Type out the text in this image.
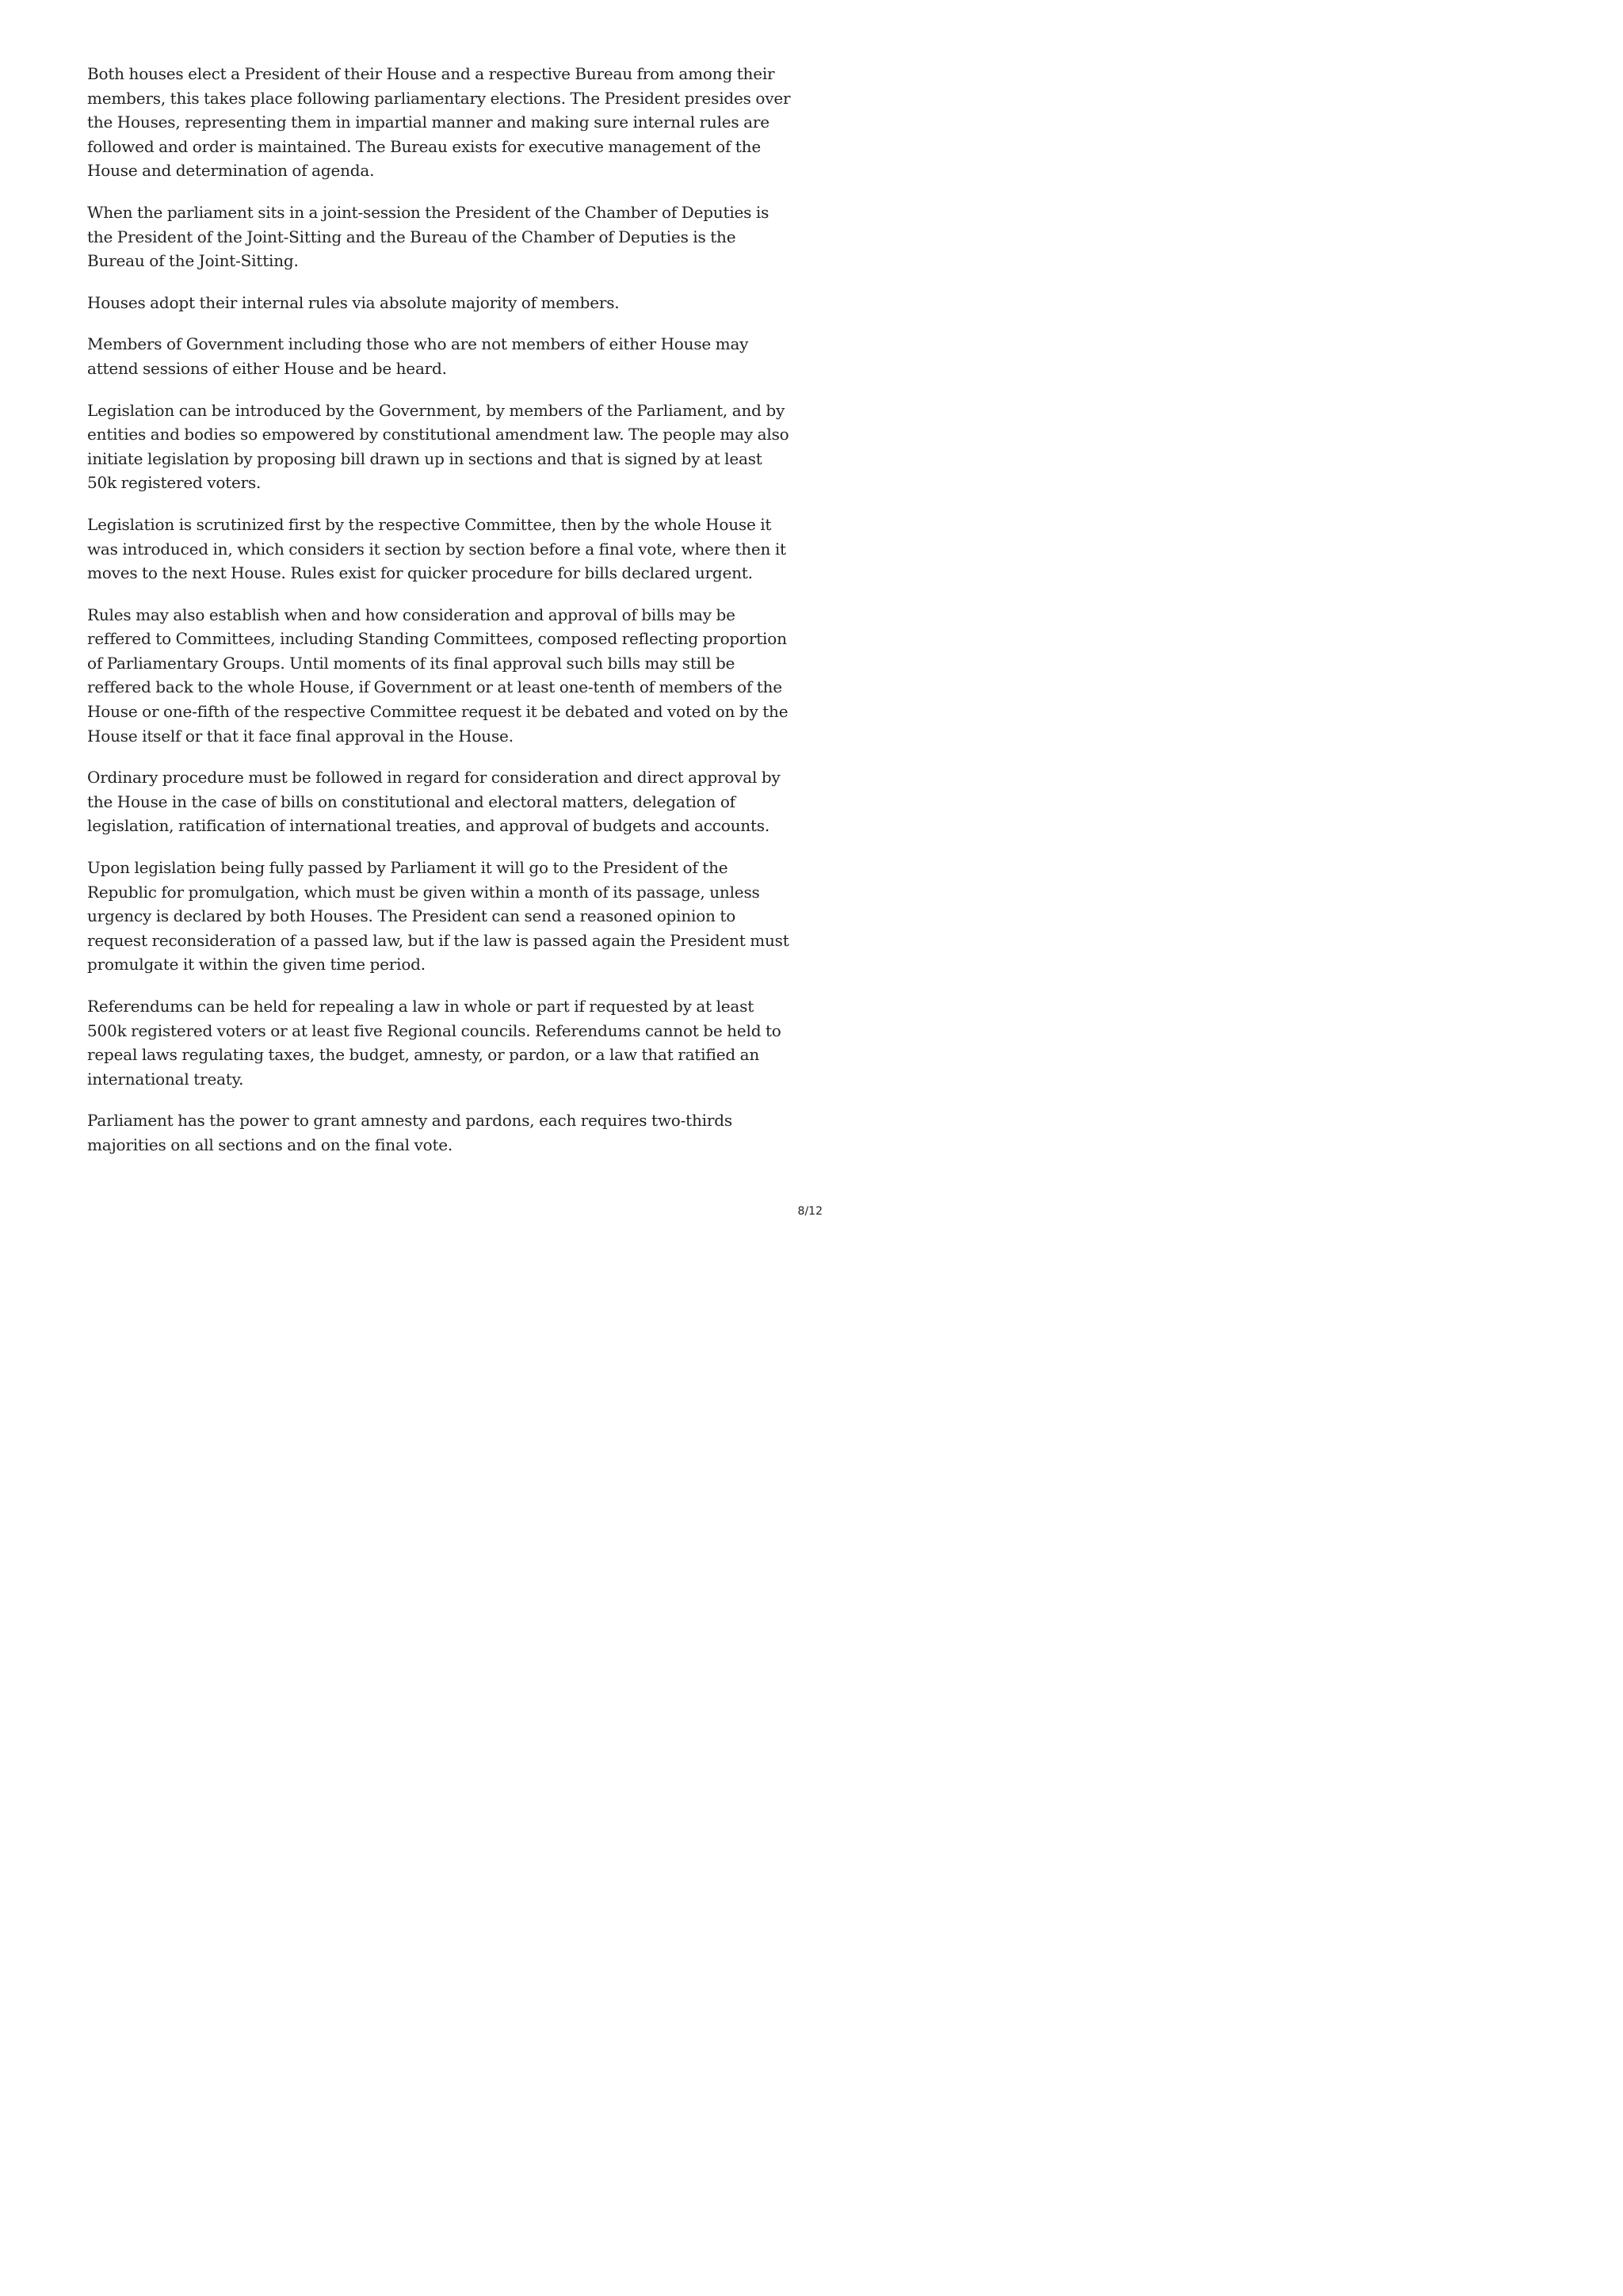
Both houses elect a President of their House and a respective Bureau from among their members, this takes place following parliamentary elections. The President presides over the Houses, representing them in impartial manner and making sure internal rules are followed and order is maintained. The Bureau exists for executive management of the House and determination of agenda.

When the parliament sits in a joint-session the President of the Chamber of Deputies is the President of the Joint-Sitting and the Bureau of the Chamber of Deputies is the Bureau of the Joint-Sitting.

Houses adopt their internal rules via absolute majority of members.

Members of Government including those who are not members of either House may attend sessions of either House and be heard.

Legislation can be introduced by the Government, by members of the Parliament, and by entities and bodies so empowered by constitutional amendment law. The people may also initiate legislation by proposing bill drawn up in sections and that is signed by at least 50k registered voters.

Legislation is scrutinized first by the respective Committee, then by the whole House it was introduced in, which considers it section by section before a final vote, where then it moves to the next House. Rules exist for quicker procedure for bills declared urgent.

Rules may also establish when and how consideration and approval of bills may be reffered to Committees, including Standing Committees, composed reflecting proportion of Parliamentary Groups. Until moments of its final approval such bills may still be reffered back to the whole House, if Government or at least one-tenth of members of the House or one-fifth of the respective Committee request it be debated and voted on by the House itself or that it face final approval in the House.

Ordinary procedure must be followed in regard for consideration and direct approval by the House in the case of bills on constitutional and electoral matters, delegation of legislation, ratification of international treaties, and approval of budgets and accounts.

Upon legislation being fully passed by Parliament it will go to the President of the Republic for promulgation, which must be given within a month of its passage, unless urgency is declared by both Houses. The President can send a reasoned opinion to request reconsideration of a passed law, but if the law is passed again the President must promulgate it within the given time period.

Referendums can be held for repealing a law in whole or part if requested by at least 500k registered voters or at least five Regional councils. Referendums cannot be held to repeal laws regulating taxes, the budget, amnesty, or pardon, or a law that ratified an international treaty.

Parliament has the power to grant amnesty and pardons, each requires two-thirds majorities on all sections and on the final vote.

8/12
